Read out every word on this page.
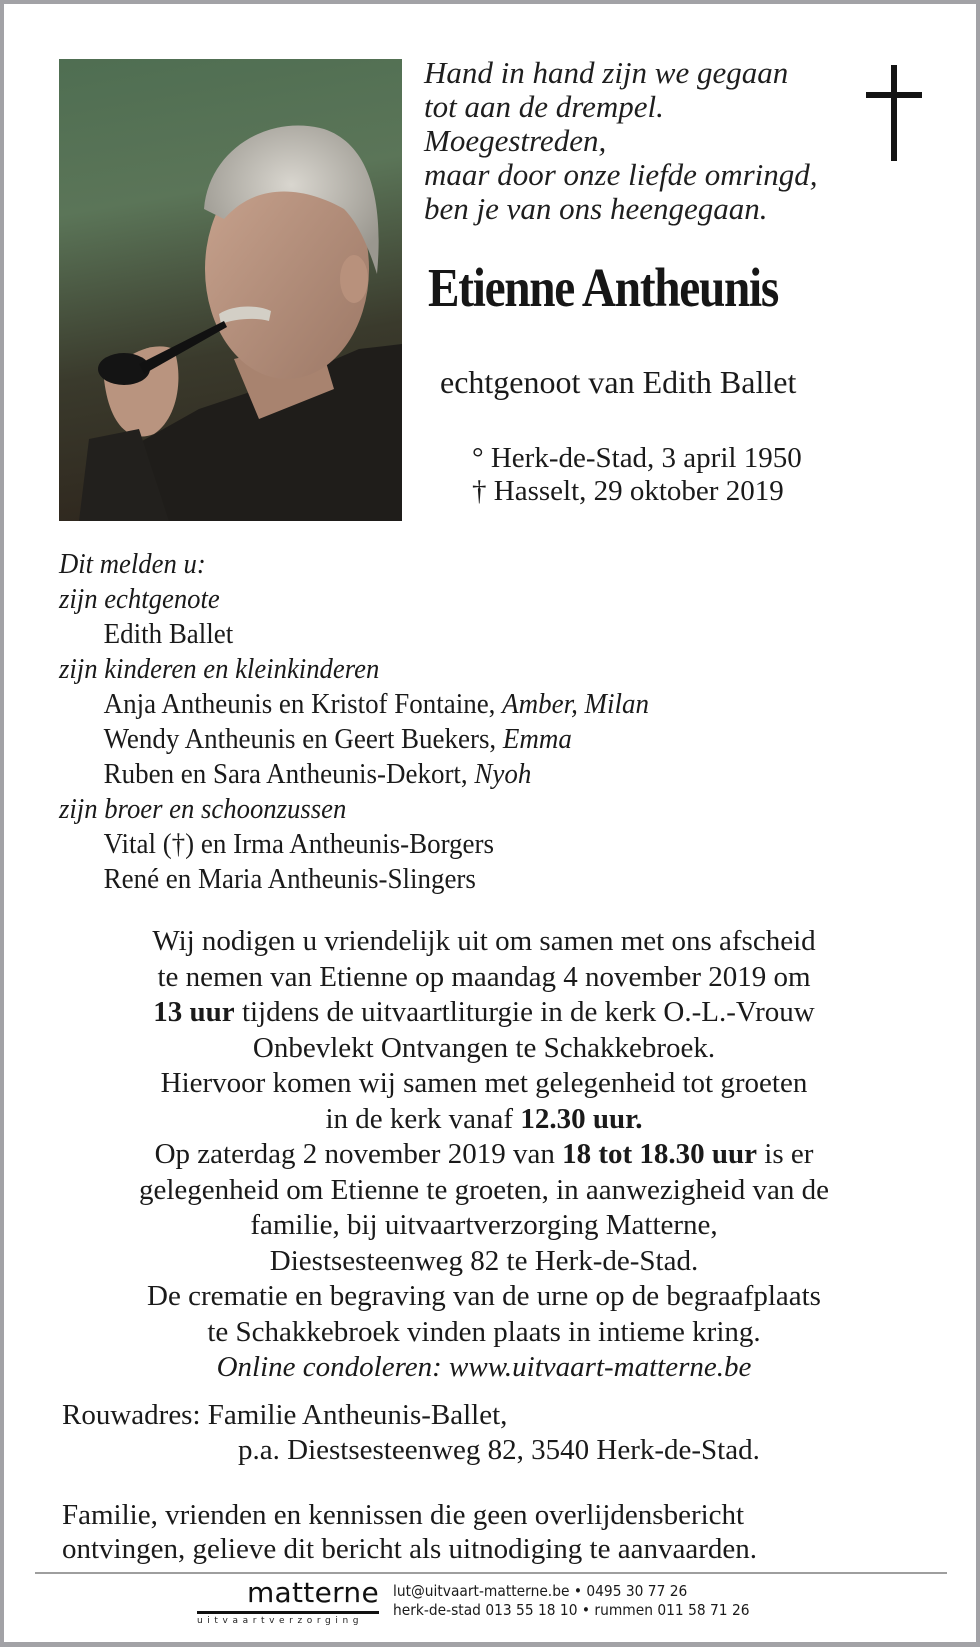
Hand in hand zijn we gegaan
tot aan de drempel.
Moegestreden,
maar door onze liefde omringd,
ben je van ons heengegaan.
Etienne Antheunis
echtgenoot van Edith Ballet
° Herk-de-Stad, 3 april 1950
† Hasselt, 29 oktober 2019
Dit melden u:
zijn echtgenote
Edith Ballet
zijn kinderen en kleinkinderen
Anja Antheunis en Kristof Fontaine, Amber, Milan
Wendy Antheunis en Geert Buekers, Emma
Ruben en Sara Antheunis-Dekort, Nyoh
zijn broer en schoonzussen
Vital (†) en Irma Antheunis-Borgers
René en Maria Antheunis-Slingers
Wij nodigen u vriendelijk uit om samen met ons afscheid
te nemen van Etienne op maandag 4 november 2019 om
13 uur tijdens de uitvaartliturgie in de kerk O.-L.-Vrouw
Onbevlekt Ontvangen te Schakkebroek.
Hiervoor komen wij samen met gelegenheid tot groeten
in de kerk vanaf 12.30 uur.
Op zaterdag 2 november 2019 van 18 tot 18.30 uur is er
gelegenheid om Etienne te groeten, in aanwezigheid van de
familie, bij uitvaartverzorging Matterne,
Diestsesteenweg 82 te Herk-de-Stad.
De crematie en begraving van de urne op de begraafplaats
te Schakkebroek vinden plaats in intieme kring.
Online condoleren: www.uitvaart-matterne.be
Rouwadres: Familie Antheunis-Ballet,
p.a. Diestsesteenweg 82, 3540 Herk-de-Stad.
Familie, vrienden en kennissen die geen overlijdensbericht
ontvingen, gelieve dit bericht als uitnodiging te aanvaarden.
matterne
uitvaartverzorging
lut@uitvaart-matterne.be • 0495 30 77 26
herk-de-stad 013 55 18 10 • rummen 011 58 71 26
